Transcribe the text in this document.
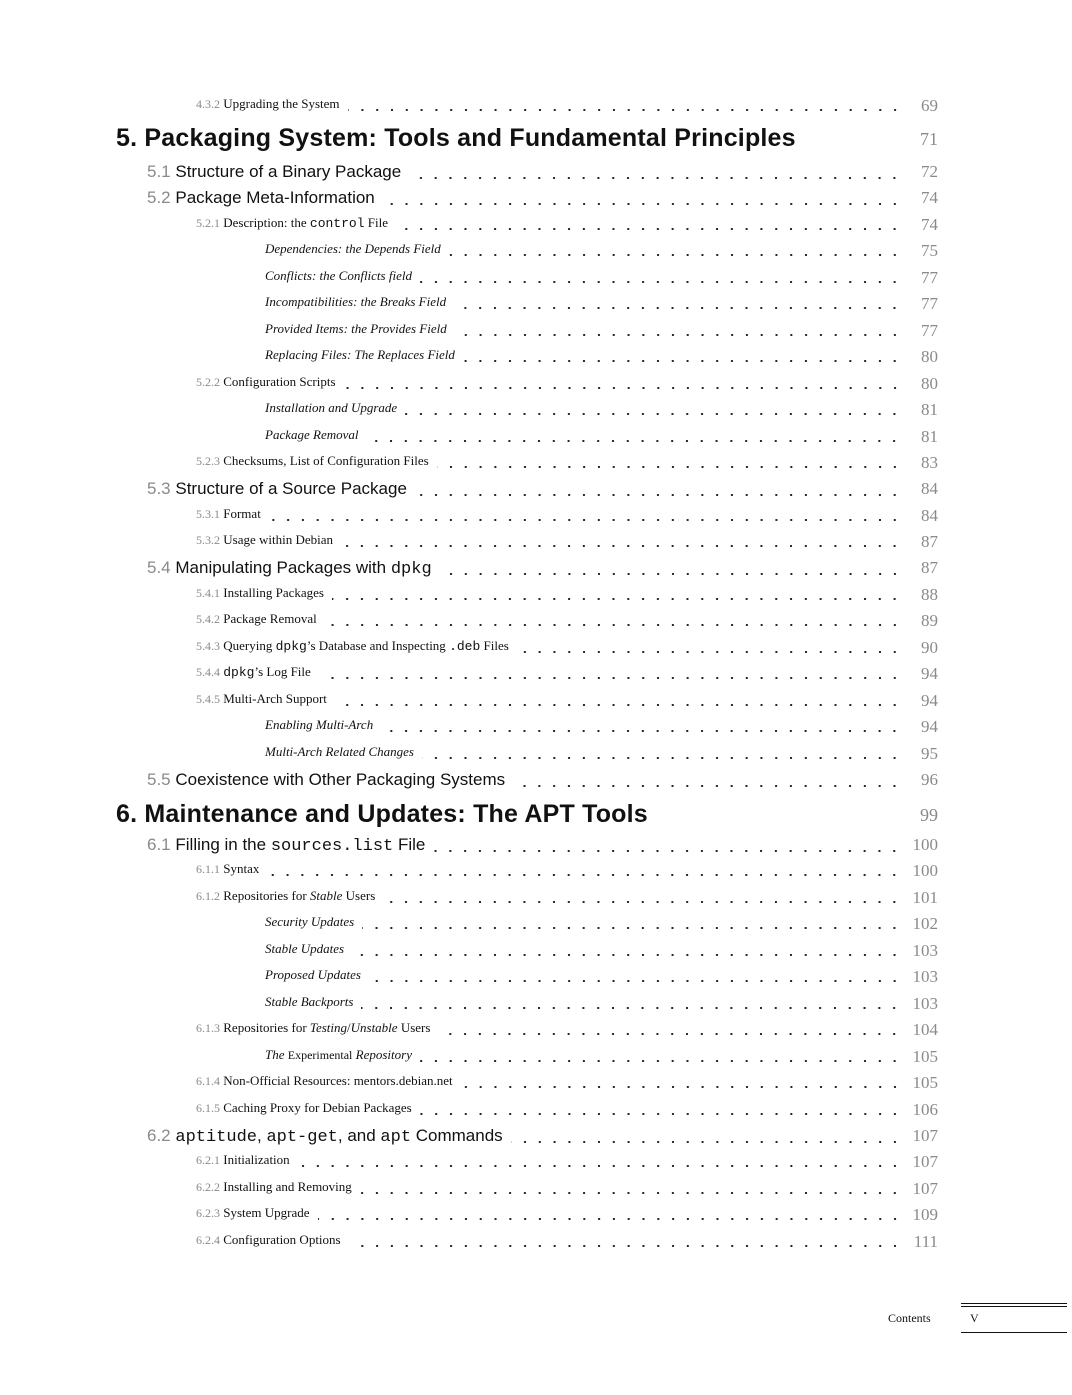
4.3.2 Upgrading the System	69
5. Packaging System: Tools and Fundamental Principles	71
5.1 Structure of a Binary Package	72
5.2 Package Meta-Information	74
5.2.1 Description: the control File	74
Dependencies: the Depends Field	75
Conflicts: the Conflicts field	77
Incompatibilities: the Breaks Field	77
Provided Items: the Provides Field	77
Replacing Files: The Replaces Field	80
5.2.2 Configuration Scripts	80
Installation and Upgrade	81
Package Removal	81
5.2.3 Checksums, List of Configuration Files	83
5.3 Structure of a Source Package	84
5.3.1 Format	84
5.3.2 Usage within Debian	87
5.4 Manipulating Packages with dpkg	87
5.4.1 Installing Packages	88
5.4.2 Package Removal	89
5.4.3 Querying dpkg’s Database and Inspecting .deb Files	90
5.4.4 dpkg’s Log File	94
5.4.5 Multi-Arch Support	94
Enabling Multi-Arch	94
Multi-Arch Related Changes	95
5.5 Coexistence with Other Packaging Systems	96
6. Maintenance and Updates: The APT Tools	99
6.1 Filling in the sources.list File	100
6.1.1 Syntax	100
6.1.2 Repositories for Stable Users	101
Security Updates	102
Stable Updates	103
Proposed Updates	103
Stable Backports	103
6.1.3 Repositories for Testing/Unstable Users	104
The Experimental Repository	105
6.1.4 Non-Official Resources: mentors.debian.net	105
6.1.5 Caching Proxy for Debian Packages	106
6.2 aptitude, apt-get, and apt Commands	107
6.2.1 Initialization	107
6.2.2 Installing and Removing	107
6.2.3 System Upgrade	109
6.2.4 Configuration Options	111
Contents	V
